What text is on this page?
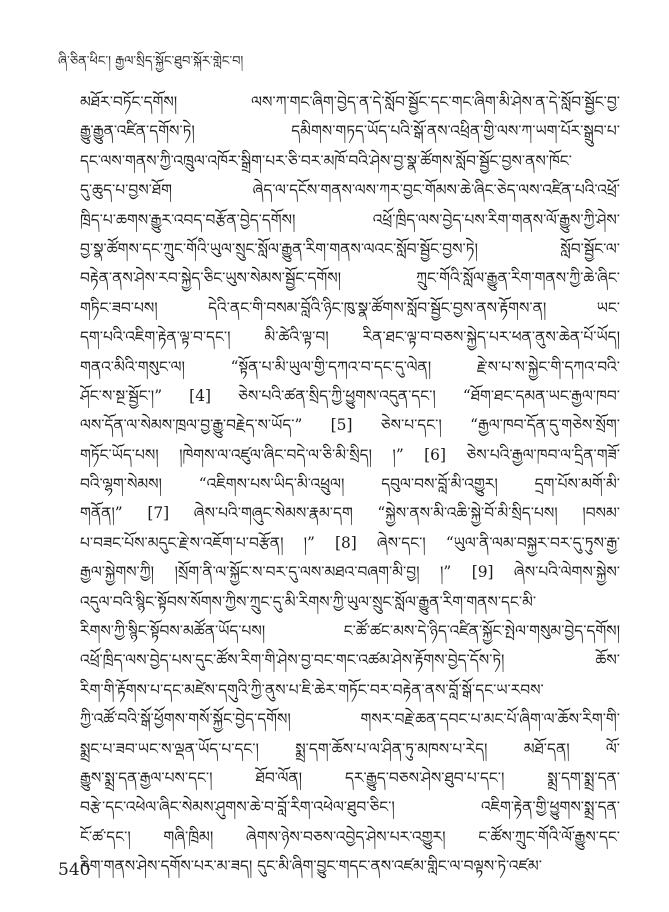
ཞི་ཅིན་ཕིང་། རྒྱལ་སྲིད་སྐྱོང་ཐུབ་སྐོར་གླེང་བ།
མཐོར་བཏོང་དགོས། ལས་ཀ་གང་ཞིག་བྱེད་ན་དེ་སློབ་སྦྱོང་དང་གང་ཞིག་མི་ཤེས་ན་དེ་སློབ་སྦྱོང་བྱ་
རྒྱུ་རྒྱུན་འཛིན་དགོས་ཏེ། དམིགས་གཏད་ཡོད་པའི་སྒོ་ནས་འཕྲིན་གྱི་ལས་ཀ་ཡག་པོར་སྒྲུབ་པ་
དང་ལས་གནས་ཀྱི་འཁྲུལ་འཁོར་སྒྲིག་པར་ཅི་བར་མཁོ་བའི་ཤེས་བྱ་སྣ་ཚོགས་སློབ་སྦྱོང་བྱས་ནས་ཁོང་
དུ་ཆུད་པ་བྱས་ཐོག ཞེད་ལ་དངོས་གནས་ལས་ཀར་བྱང་གོམས་ཆེ་ཞིང་ཅེད་ལས་འཛིན་པའི་འཕྲོ་
ཁྲིད་པ་ཆགས་རྒྱུར་འབད་བརྩོན་བྱེད་དགོས། འཕྲོ་ཁྲིད་ལས་བྱེད་པས་རིག་གནས་ལོ་རྒྱུས་ཀྱི་ཤེས་
བྱ་སྣ་ཚོགས་དང་ཀྲུང་གོའི་ཡུལ་སྲུང་སློལ་རྒྱུན་རིག་གནས་ལའང་སློབ་སྦྱོང་བྱས་ཏེ། སློབ་སྦྱོང་ལ་
བརྟེན་ནས་ཤེས་རབ་སྐྱེད་ཅིང་ཡུས་སེམས་སྦྱོང་དགོས། ཀྲུང་གོའི་སློལ་རྒྱུན་རིག་གནས་ཀྱི་ཆེ་ཞིང་
གཏིང་ཟབ་པས། དེའི་ནང་གི་བསམ་བློའི་ཉིང་ཁུ་སྣ་ཚོགས་སློབ་སྦྱོང་བྱས་ནས་རྟོགས་ན། ཡང་
དག་པའི་འཇིག་རྟེན་ལྟ་བ་དང་། མི་ཚེའི་ལྟ་བ། རིན་ཐང་ལྟ་བ་བཅས་སྐྱེད་པར་ཕན་ནུས་ཆེན་པོ་ཡོད།
གནའ་མིའི་གསུང་ལ། “སྟོན་པ་མི་ཡུལ་གྱི་དཀའ་བ་དང་དུ་ལེན། རྗེ་ས་པ་ས་སྐྱེང་གི་དཀའ་བའི་
ཤོང་ས་སྔ་སྦྱོང་།” [4] ཅེས་པའི་ཚན་སྲིད་ཀྱི་ཕྱུགས་འདུན་དང་། “ཐོག་ཐང་དམན་ཡང་རྒྱལ་ཁབ་
ལས་དོན་ལ་སེམས་ཁྲལ་བྱ་རྒྱུ་བརྗེད་ས་ཡོད་” [5] ཅེས་པ་དང་། “རྒྱལ་ཁབ་དོན་དུ་གཅེས་སྲོག་
གཏོང་ཡོད་པས། །ཁེགས་ལ་འཛུལ་ཞིང་བདེ་ལ་ཅི་མི་སྲིད། །” [6] ཅེས་པའི་རྒྱལ་ཁབ་ལ་དྲིན་གཟོ་
བའི་ལྷག་སེམས། “འཇིགས་པས་ཡིད་མི་འཕྲུལ། དབུལ་བས་བློ་མི་འགྱུར། དྲག་པོས་མགོ་མི་
གནོན།” [7] ཞེས་པའི་གཞུང་སེམས་རྣམ་དག “སྐྱེས་ནས་མི་འཆི་སྐྱེ་བོ་མི་སྲིད་པས། །བསམ་
པ་བཟང་པོས་མདུང་རྗེ་ས་འཇོག་པ་བརྩོན། །” [8] ཞེས་དང་། “ཡུལ་ནི་ལམ་བསྐྱར་བར་དུ་ཏུས་རྒྱ་
རྒྱལ་སྐྱེགས་ཀྱི། །སྲོག་ནི་ལ་སྐྱོང་ས་བར་དུ་ལས་མཐའ་བཞག་མི་བྱ། །” [9] ཞེས་པའི་ལེགས་སྐྱེས་
འདུལ་བའི་སྙིང་སྟོབས་སོགས་ཀྱིས་ཀྲུང་དུ་མི་རིགས་ཀྱི་ཡུལ་སྲུང་སློལ་རྒྱུན་རིག་གནས་དང་མི་
རིགས་ཀྱི་སྙིང་སྟོབས་མཚོན་ཡོད་པས། ང་ཚོ་ཚང་མས་དེ་ཉིད་འཛིན་སྐྱོང་སྤེལ་གསུམ་བྱེད་དགོས།
འཕྲོ་ཁྲིད་ལས་བྱེད་པས་དུང་ཚོས་རིག་གི་ཤེས་བྱ་བང་གང་འཚམ་ཤེས་རྟོགས་བྱེད་དོས་ཏེ། ཆོས་
རིག་གི་རྟོགས་པ་དང་མཛེས་དགུའི་ཀྱི་ནུས་པ་ཇི་ཆེར་གཏོང་བར་བརྟེན་ནས་བློ་སྒོ་དང་ཡ་རབས་
ཀྱི་འཚོ་བའི་སྒོ་ཕྱོགས་གསོ་སྐྱོང་བྱེད་དགོས། གསར་བརྗེ་ཆན་དབང་པ་མང་པོ་ཞིག་ལ་ཆོས་རིག་གི་
སྨྲང་པ་ཟབ་ཡང་ས་ལྡན་ཡོད་པ་དང་། སྨྲ་དག་ཆོས་པ་ལ་ཤིན་ཏུ་མཁས་པ་རེད། མཐོ་དན། ལོ་
རྒྱུས་སྨྲ་དན་རྒྱལ་པས་དང་། ཐོབ་ལོན། དར་རྒྱུད་བཅས་ཤེས་ཐུབ་པ་དང་། སྨྲ་དག་སྨྲ་དན་
བརྩེ་དང་འཕེལ་ཞིང་སེམས་ཤུགས་ཆེ་བ་བློ་རིག་འཕེལ་ཐུབ་ཅིང་། འཇིག་རྟེན་གྱི་ཕྱུགས་སྨྲ་དན་
ངོ་ཚ་དང་། གཞི་ཁྲིམ། ཞེགས་ཉེས་བཅས་འབྱེད་ཤེས་པར་འགྱུར། ང་ཚོས་ཀྲུང་གོའི་ལོ་རྒྱུས་དང་
རིག་གནས་ཤེས་དགོས་པར་མ་ཟད། དུང་མི་ཞིག་བྱུང་གདང་ནས་འཛམ་གླིང་ལ་བལྟས་ཏེ་འཛམ་
540
